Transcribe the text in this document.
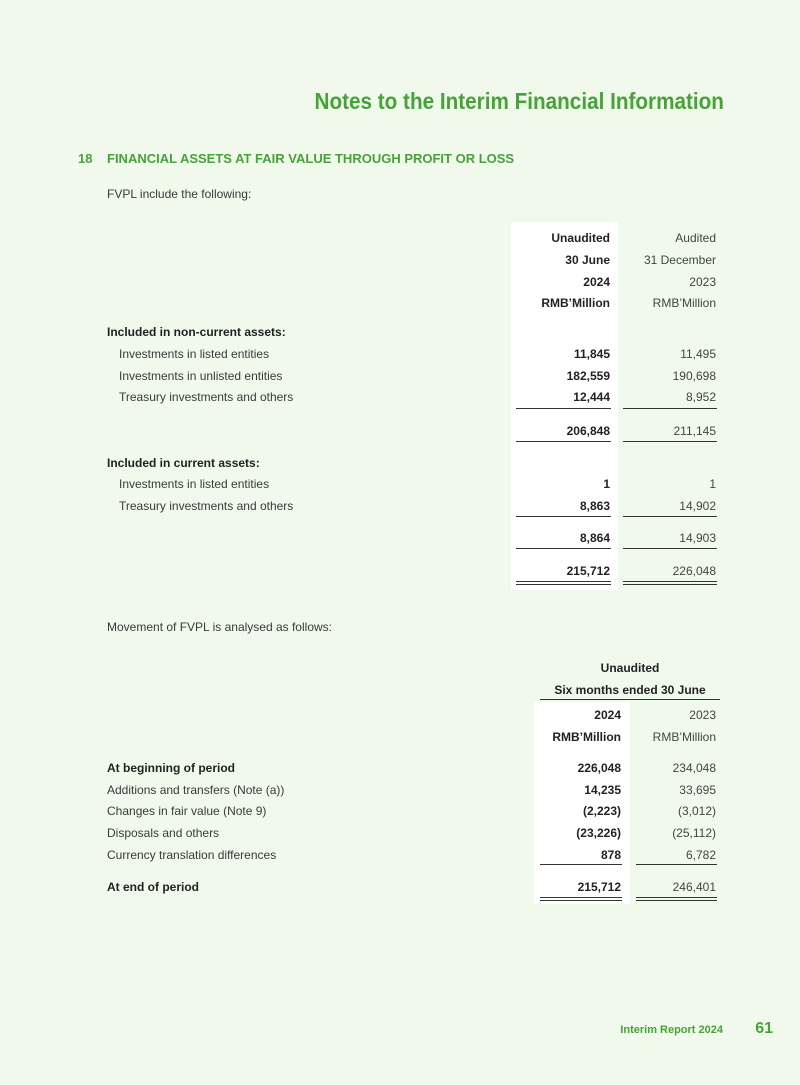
Notes to the Interim Financial Information
18 FINANCIAL ASSETS AT FAIR VALUE THROUGH PROFIT OR LOSS
FVPL include the following:
Unaudited	Audited
30 June	31 December
2024	2023
RMB’Million	RMB’Million
Included in non-current assets:
Investments in listed entities	11,845	11,495
Investments in unlisted entities	182,559	190,698
Treasury investments and others	12,444	8,952
206,848	211,145
Included in current assets:
Investments in listed entities	1	1
Treasury investments and others	8,863	14,902
8,864	14,903
215,712	226,048
Movement of FVPL is analysed as follows:
Unaudited
Six months ended 30 June
2024	2023
RMB’Million	RMB’Million
At beginning of period	226,048	234,048
Additions and transfers (Note (a))	14,235	33,695
Changes in fair value (Note 9)	(2,223)	(3,012)
Disposals and others	(23,226)	(25,112)
Currency translation differences	878	6,782
At end of period	215,712	246,401
Interim Report 2024 61
